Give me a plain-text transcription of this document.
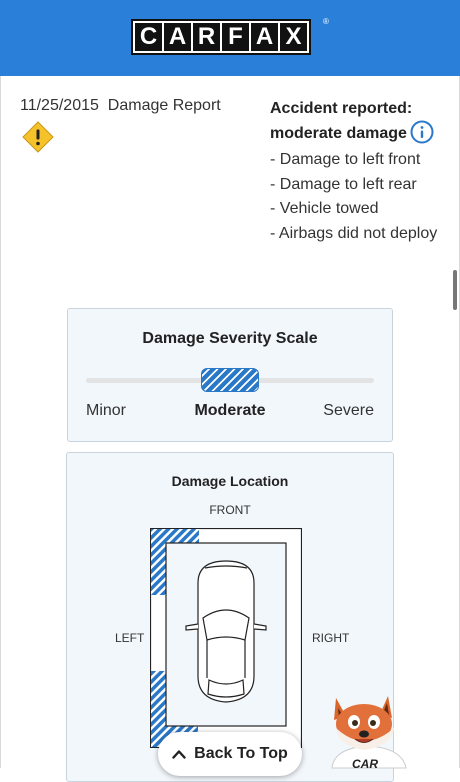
C A R F A X
®
11/25/2015 Damage Report	Accident reported: moderate damage
- Damage to left front
- Damage to left rear
- Vehicle towed
- Airbags did not deploy
Damage Severity Scale
Minor	Moderate	Severe
Damage Location
FRONT
LEFT	RIGHT
Back To Top
CAR
